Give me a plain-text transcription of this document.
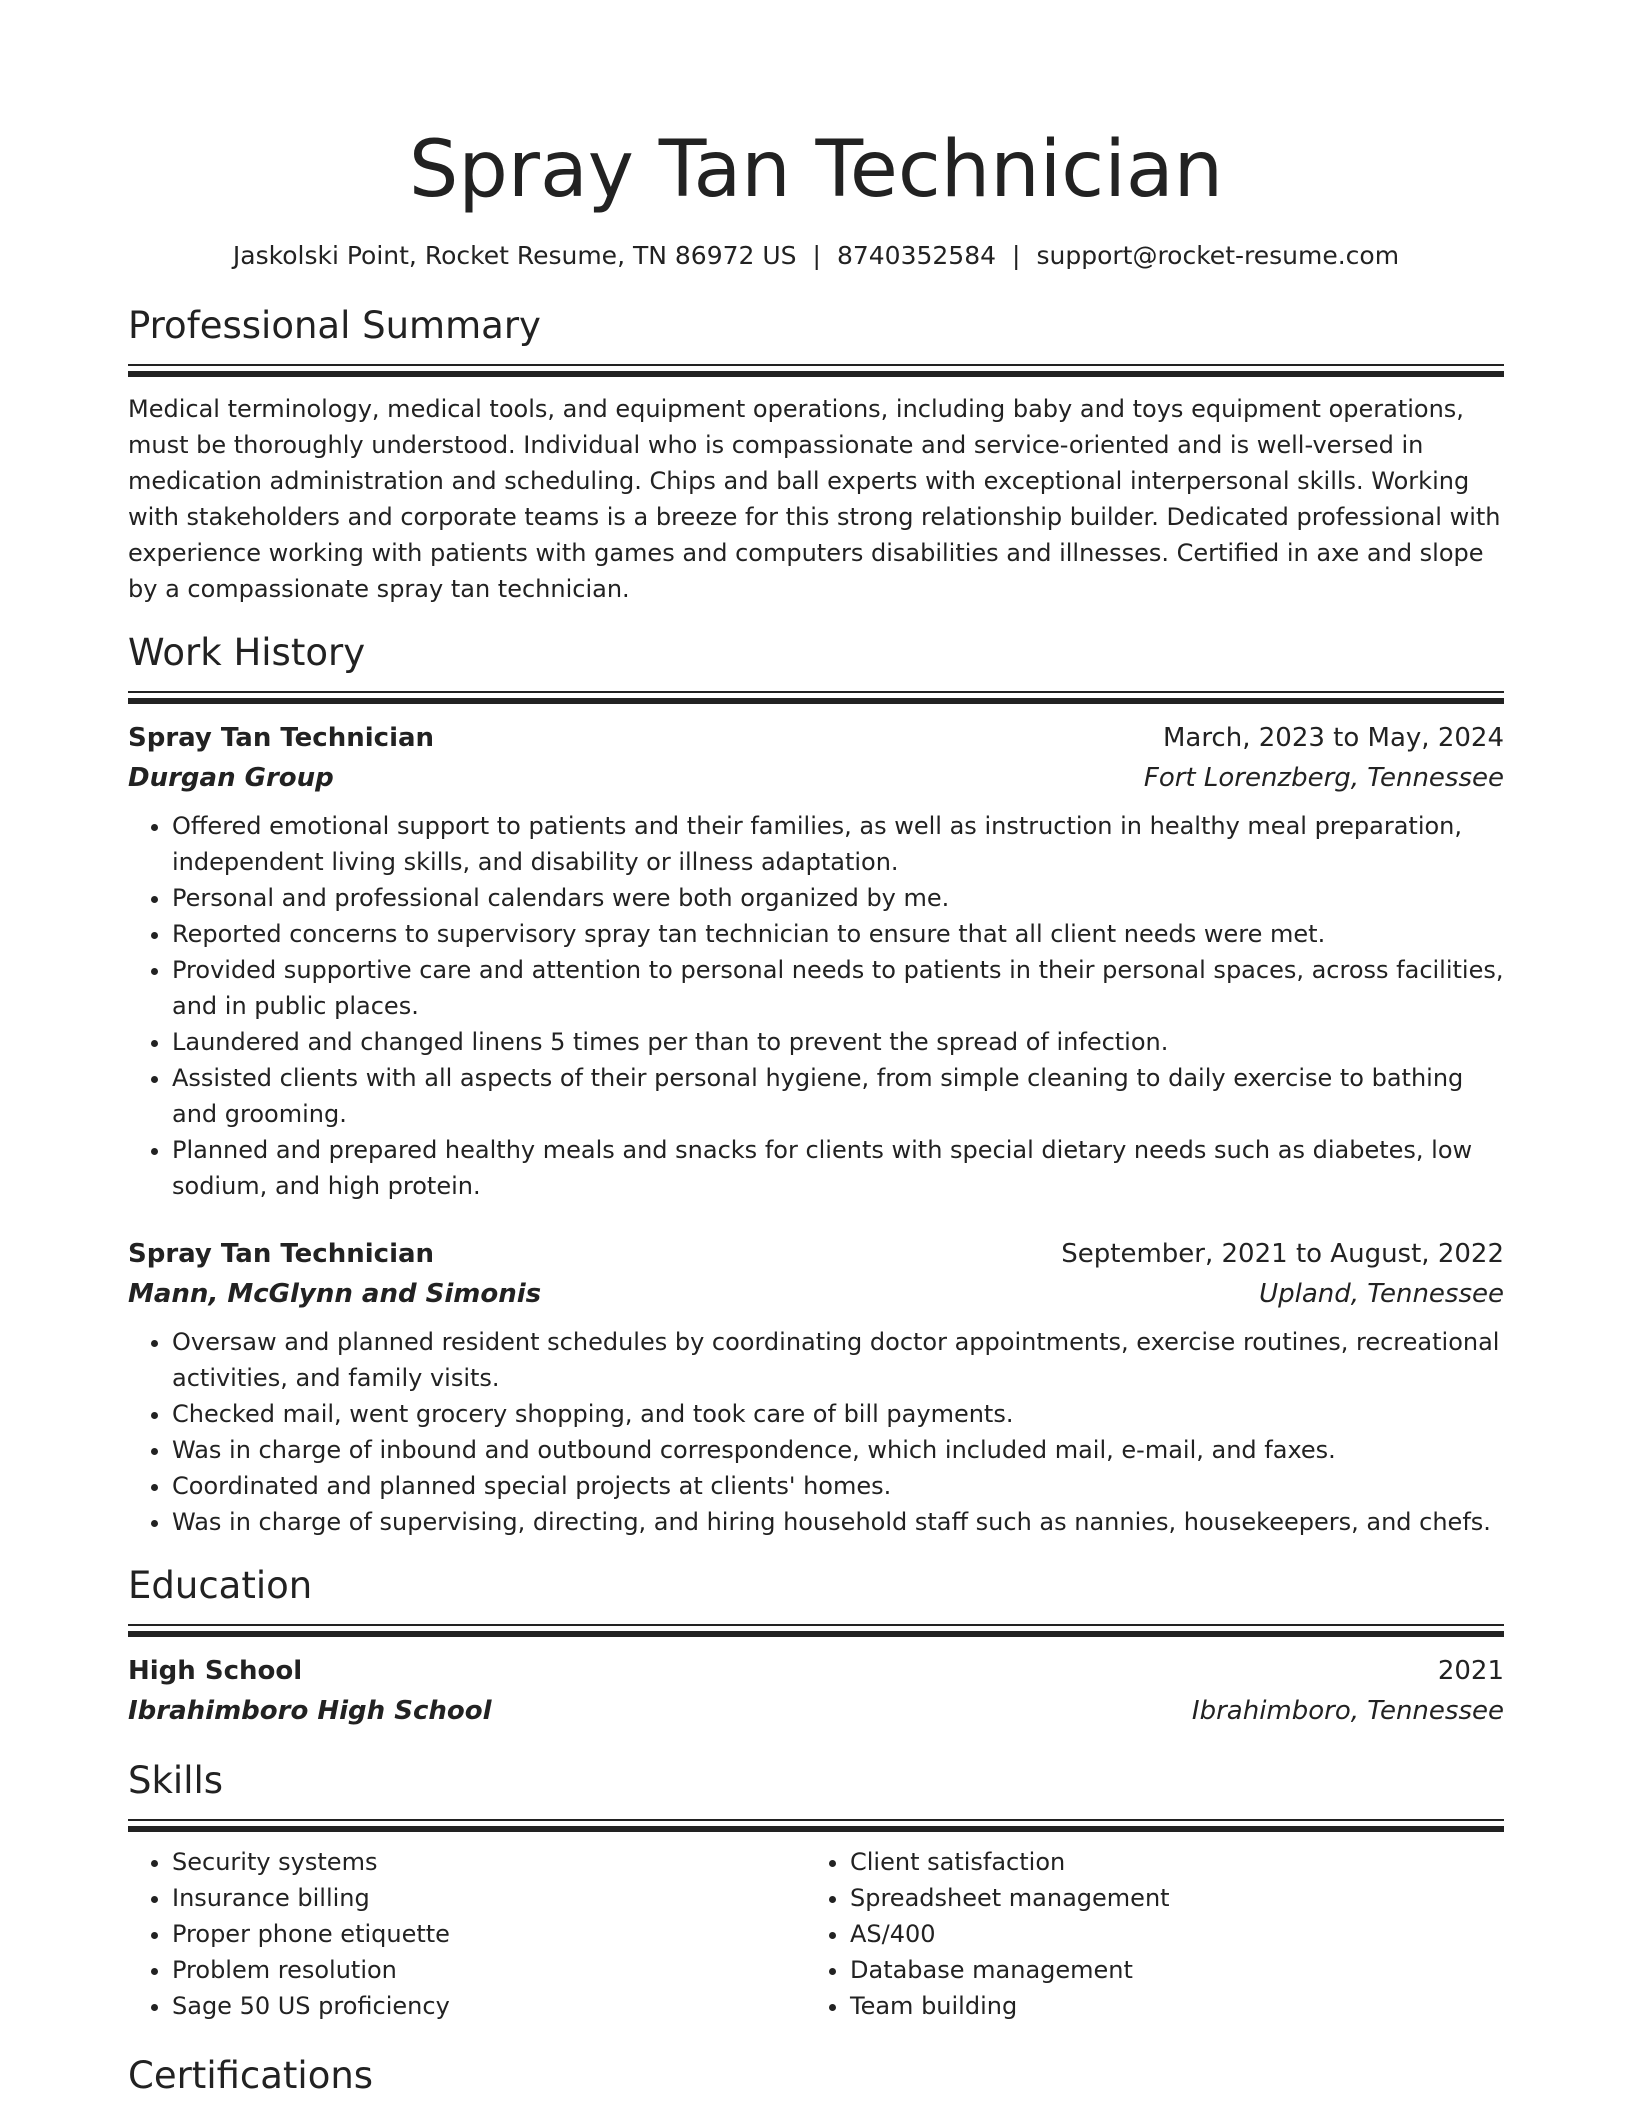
Spray Tan Technician
Jaskolski Point, Rocket Resume, TN 86972 US | 8740352584 | support@rocket-resume.com
Professional Summary
Medical terminology, medical tools, and equipment operations, including baby and toys equipment operations, must be thoroughly understood. Individual who is compassionate and service-oriented and is well-versed in medication administration and scheduling. Chips and ball experts with exceptional interpersonal skills. Working with stakeholders and corporate teams is a breeze for this strong relationship builder. Dedicated professional with experience working with patients with games and computers disabilities and illnesses. Certified in axe and slope by a compassionate spray tan technician.
Work History
Spray Tan Technician	March, 2023 to May, 2024
Durgan Group	Fort Lorenzberg, Tennessee
• Offered emotional support to patients and their families, as well as instruction in healthy meal preparation, independent living skills, and disability or illness adaptation.
• Personal and professional calendars were both organized by me.
• Reported concerns to supervisory spray tan technician to ensure that all client needs were met.
• Provided supportive care and attention to personal needs to patients in their personal spaces, across facilities, and in public places.
• Laundered and changed linens 5 times per than to prevent the spread of infection.
• Assisted clients with all aspects of their personal hygiene, from simple cleaning to daily exercise to bathing and grooming.
• Planned and prepared healthy meals and snacks for clients with special dietary needs such as diabetes, low sodium, and high protein.
Spray Tan Technician	September, 2021 to August, 2022
Mann, McGlynn and Simonis	Upland, Tennessee
• Oversaw and planned resident schedules by coordinating doctor appointments, exercise routines, recreational activities, and family visits.
• Checked mail, went grocery shopping, and took care of bill payments.
• Was in charge of inbound and outbound correspondence, which included mail, e-mail, and faxes.
• Coordinated and planned special projects at clients' homes.
• Was in charge of supervising, directing, and hiring household staff such as nannies, housekeepers, and chefs.
Education
High School	2021
Ibrahimboro High School	Ibrahimboro, Tennessee
Skills
• Security systems
• Insurance billing
• Proper phone etiquette
• Problem resolution
• Sage 50 US proficiency
• Client satisfaction
• Spreadsheet management
• AS/400
• Database management
• Team building
Certifications
